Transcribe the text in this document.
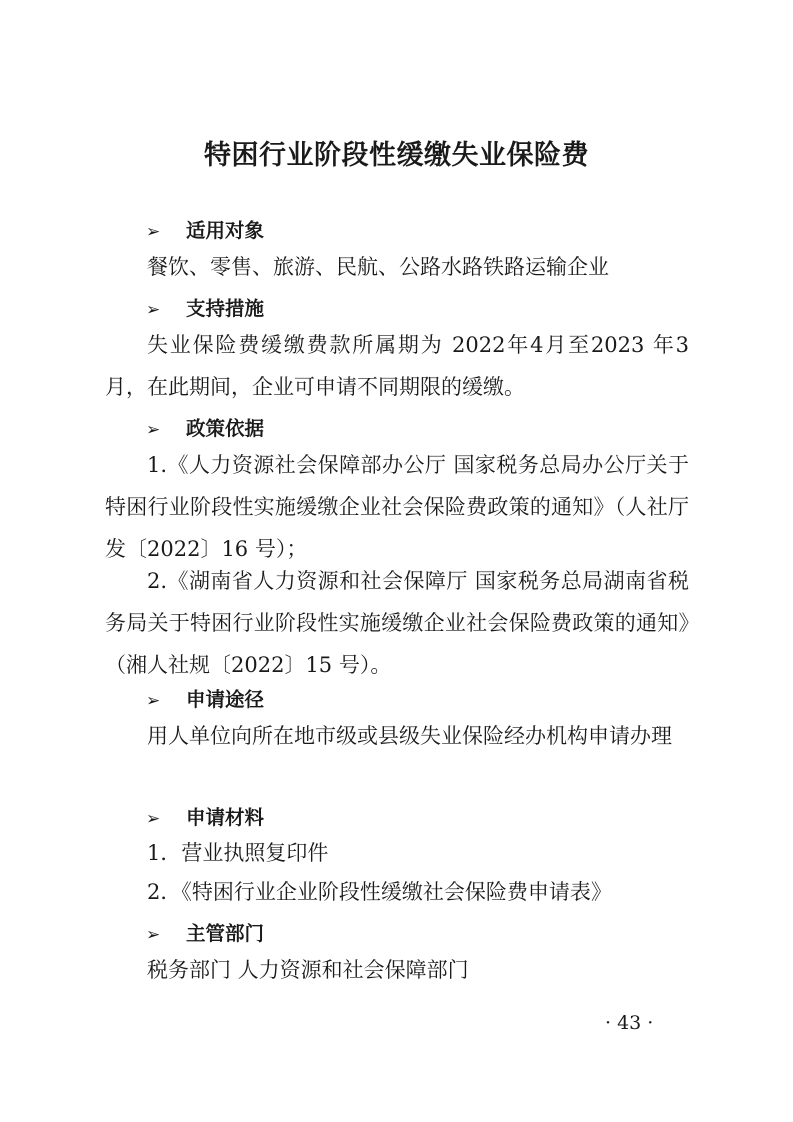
特困行业阶段性缓缴失业保险费
➢ 适用对象

餐饮、零售、旅游、民航、公路水路铁路运输企业

➢ 支持措施

失业保险费缓缴费款所属期为 2022年4月至2023 年3月，在此期间，企业可申请不同期限的缓缴。

➢ 政策依据

1.《人力资源社会保障部办公厅 国家税务总局办公厅关于特困行业阶段性实施缓缴企业社会保险费政策的通知》（人社厅发〔2022〕16 号）；

2.《湖南省人力资源和社会保障厅 国家税务总局湖南省税务局关于特困行业阶段性实施缓缴企业社会保险费政策的通知》（湘人社规〔2022〕15 号）。

➢ 申请途径

用人单位向所在地市级或县级失业保险经办机构申请办理

➢ 申请材料

1．营业执照复印件

2．《特困行业企业阶段性缓缴社会保险费申请表》

➢ 主管部门

税务部门 人力资源和社会保障部门

· 43 ·
